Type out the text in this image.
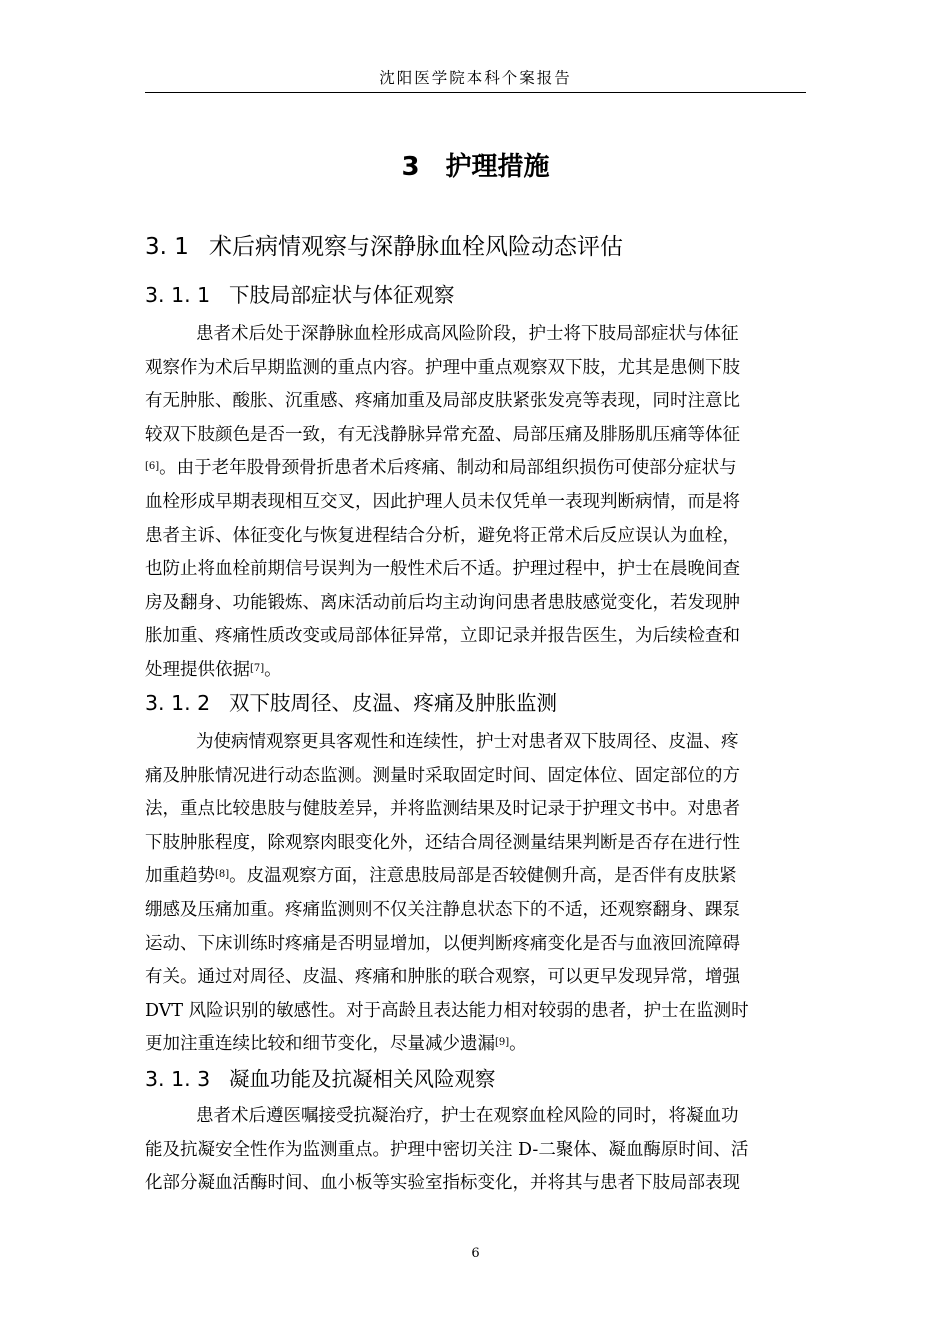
沈阳医学院本科个案报告
3 护理措施
3. 1 术后病情观察与深静脉血栓风险动态评估
3. 1. 1 下肢局部症状与体征观察
患者术后处于深静脉血栓形成高风险阶段，护士将下肢局部症状与体征
观察作为术后早期监测的重点内容。护理中重点观察双下肢，尤其是患侧下肢
有无肿胀、酸胀、沉重感、疼痛加重及局部皮肤紧张发亮等表现，同时注意比
较双下肢颜色是否一致，有无浅静脉异常充盈、局部压痛及腓肠肌压痛等体征
[6]。由于老年股骨颈骨折患者术后疼痛、制动和局部组织损伤可使部分症状与
血栓形成早期表现相互交叉，因此护理人员未仅凭单一表现判断病情，而是将
患者主诉、体征变化与恢复进程结合分析，避免将正常术后反应误认为血栓，
也防止将血栓前期信号误判为一般性术后不适。护理过程中，护士在晨晚间查
房及翻身、功能锻炼、离床活动前后均主动询问患者患肢感觉变化，若发现肿
胀加重、疼痛性质改变或局部体征异常，立即记录并报告医生，为后续检查和
处理提供依据[7]。
3. 1. 2 双下肢周径、皮温、疼痛及肿胀监测
为使病情观察更具客观性和连续性，护士对患者双下肢周径、皮温、疼
痛及肿胀情况进行动态监测。测量时采取固定时间、固定体位、固定部位的方
法，重点比较患肢与健肢差异，并将监测结果及时记录于护理文书中。对患者
下肢肿胀程度，除观察肉眼变化外，还结合周径测量结果判断是否存在进行性
加重趋势[8]。皮温观察方面，注意患肢局部是否较健侧升高，是否伴有皮肤紧
绷感及压痛加重。疼痛监测则不仅关注静息状态下的不适，还观察翻身、踝泵
运动、下床训练时疼痛是否明显增加，以便判断疼痛变化是否与血液回流障碍
有关。通过对周径、皮温、疼痛和肿胀的联合观察，可以更早发现异常，增强
DVT 风险识别的敏感性。对于高龄且表达能力相对较弱的患者，护士在监测时
更加注重连续比较和细节变化，尽量减少遗漏[9]。
3. 1. 3 凝血功能及抗凝相关风险观察
患者术后遵医嘱接受抗凝治疗，护士在观察血栓风险的同时，将凝血功
能及抗凝安全性作为监测重点。护理中密切关注 D-二聚体、凝血酶原时间、活
化部分凝血活酶时间、血小板等实验室指标变化，并将其与患者下肢局部表现
6
